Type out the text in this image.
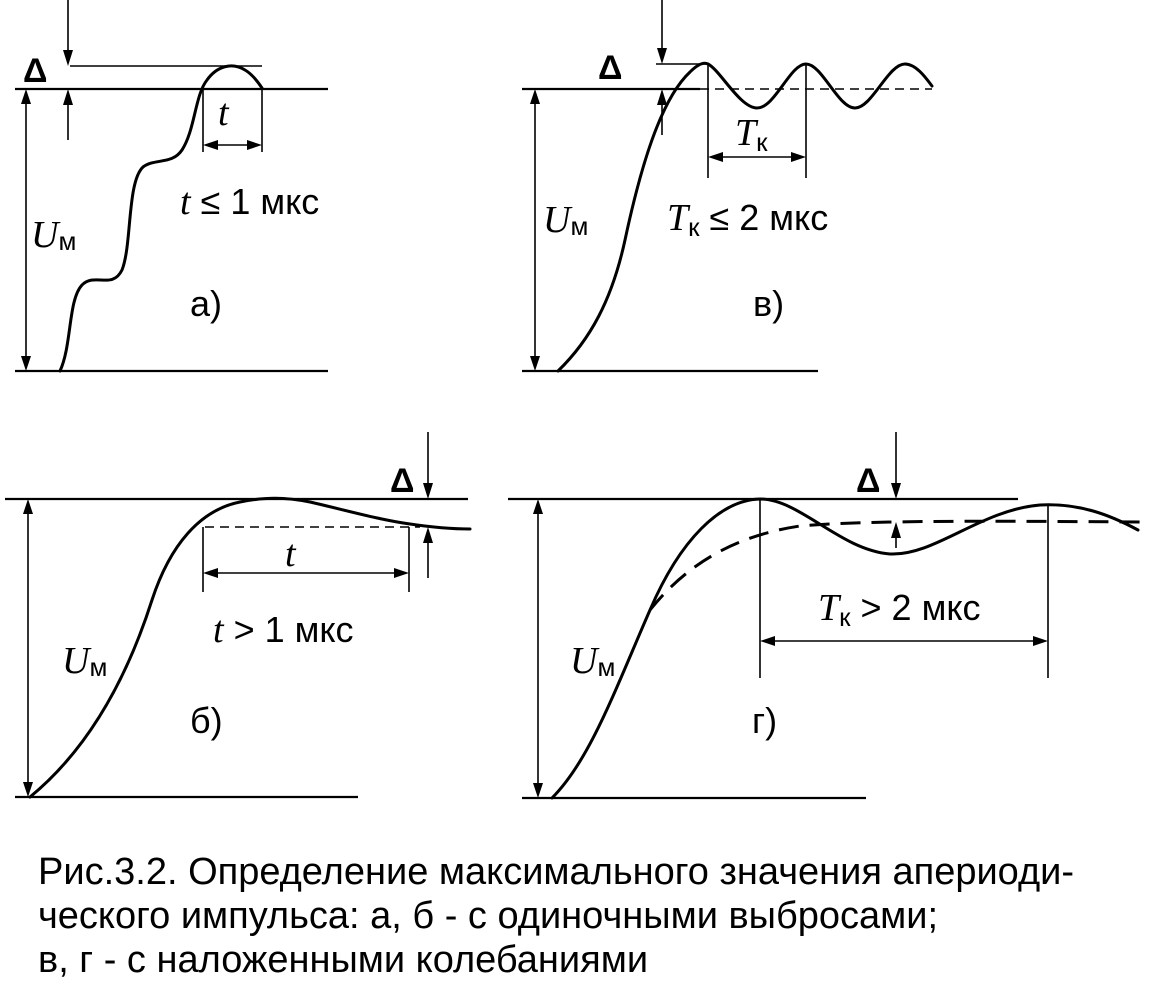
Δ
t
Uм
t ≤ 1 мкс
а)
Δ
Tк
Uм Tк ≤ 2 мкс
в)
Δ
t
Uм
t > 1 мкс
б)
Δ
Uм
Tк > 2 мкс
г)
Рис.3.2. Определение максимального значения апериоди-
ческого импульса: а, б - с одиночными выбросами;
в, г - с наложенными колебаниями
